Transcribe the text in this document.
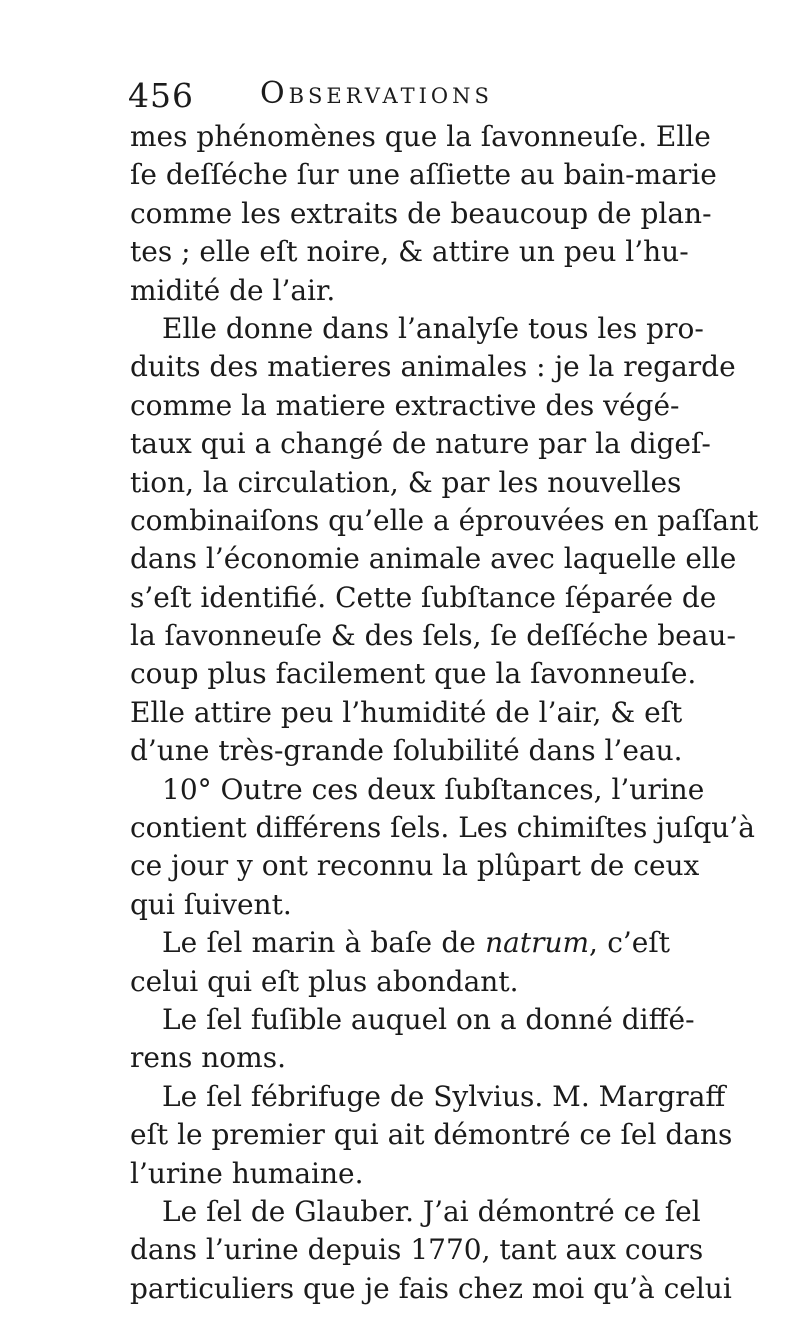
456 Observations
mes phénomènes que la ſavonneuſe. Elle
ſe deſſéche ſur une aſſiette au bain-marie
comme les extraits de beaucoup de plan-
tes ; elle eſt noire, & attire un peu l’hu-
midité de l’air.
Elle donne dans l’analyſe tous les pro-
duits des matieres animales : je la regarde
comme la matiere extractive des végé-
taux qui a changé de nature par la digeſ-
tion, la circulation, & par les nouvelles
combinaiſons qu’elle a éprouvées en paſſant
dans l’économie animale avec laquelle elle
s’eſt identifié. Cette ſubſtance ſéparée de
la ſavonneuſe & des ſels, ſe deſſéche beau-
coup plus facilement que la ſavonneuſe.
Elle attire peu l’humidité de l’air, & eſt
d’une très-grande ſolubilité dans l’eau.
10° Outre ces deux ſubſtances, l’urine
contient différens ſels. Les chimiſtes juſqu’à
ce jour y ont reconnu la plûpart de ceux
qui ſuivent.
Le ſel marin à baſe de natrum, c’eſt
celui qui eſt plus abondant.
Le ſel fuſible auquel on a donné diffé-
rens noms.
Le ſel fébrifuge de Sylvius. M. Margraff
eſt le premier qui ait démontré ce ſel dans
l’urine humaine.
Le ſel de Glauber. J’ai démontré ce ſel
dans l’urine depuis 1770, tant aux cours
particuliers que je fais chez moi qu’à celui
